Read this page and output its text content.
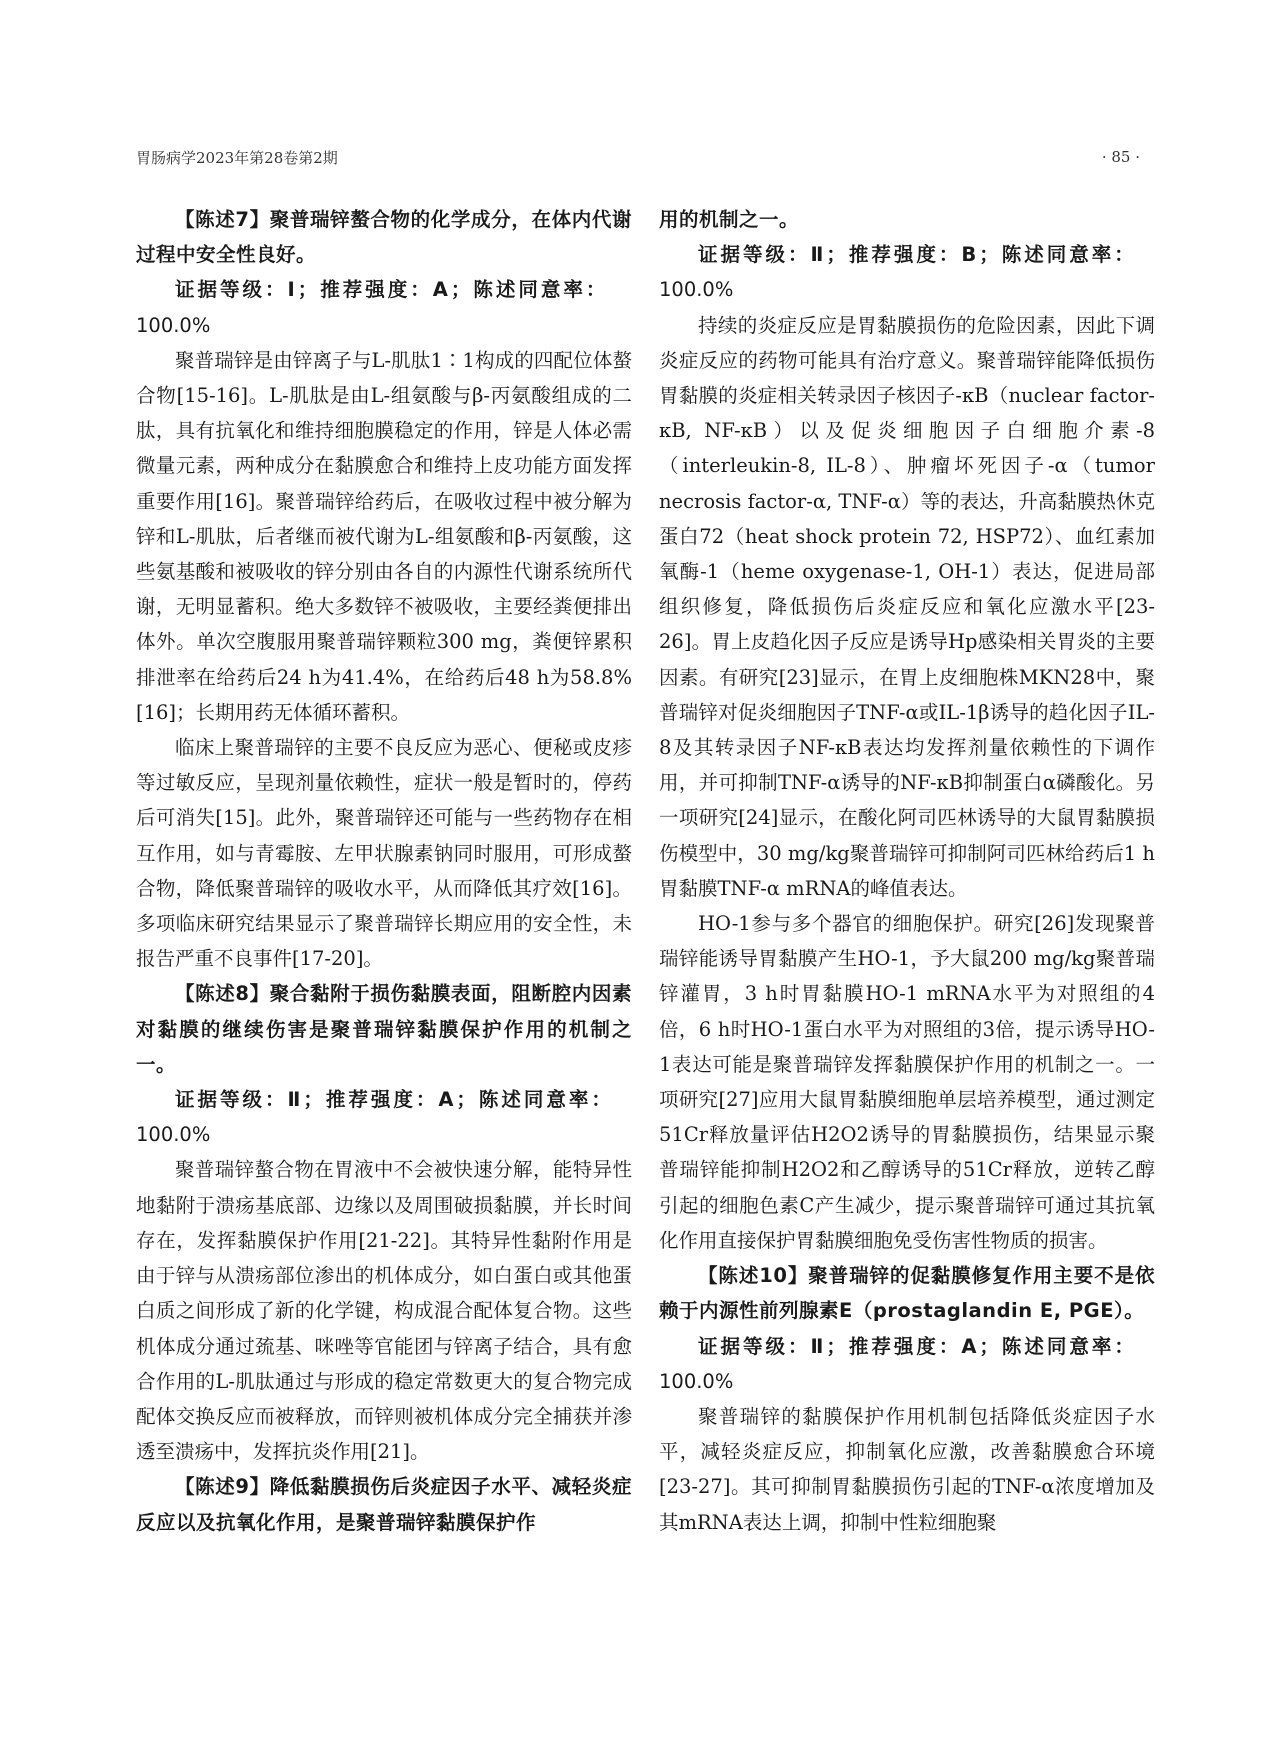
胃肠病学2023年第28卷第2期	· 85 ·

【陈述7】聚普瑞锌螯合物的化学成分，在体内代谢过程中安全性良好。

证据等级：Ⅰ；推荐强度：A；陈述同意率：
100.0%

聚普瑞锌是由锌离子与L-肌肽1∶1构成的四配位体螯合物[15-16]。L-肌肽是由L-组氨酸与β-丙氨酸组成的二肽，具有抗氧化和维持细胞膜稳定的作用，锌是人体必需微量元素，两种成分在黏膜愈合和维持上皮功能方面发挥重要作用[16]。聚普瑞锌给药后，在吸收过程中被分解为锌和L-肌肽，后者继而被代谢为L-组氨酸和β-丙氨酸，这些氨基酸和被吸收的锌分别由各自的内源性代谢系统所代谢，无明显蓄积。绝大多数锌不被吸收，主要经粪便排出体外。单次空腹服用聚普瑞锌颗粒300 mg，粪便锌累积排泄率在给药后24 h为41.4%，在给药后48 h为58.8%[16]；长期用药无体循环蓄积。

临床上聚普瑞锌的主要不良反应为恶心、便秘或皮疹等过敏反应，呈现剂量依赖性，症状一般是暂时的，停药后可消失[15]。此外，聚普瑞锌还可能与一些药物存在相互作用，如与青霉胺、左甲状腺素钠同时服用，可形成螯合物，降低聚普瑞锌的吸收水平，从而降低其疗效[16]。多项临床研究结果显示了聚普瑞锌长期应用的安全性，未报告严重不良事件[17-20]。

【陈述8】聚合黏附于损伤黏膜表面，阻断腔内因素对黏膜的继续伤害是聚普瑞锌黏膜保护作用的机制之一。

证据等级：Ⅱ；推荐强度：A；陈述同意率：
100.0%

聚普瑞锌螯合物在胃液中不会被快速分解，能特异性地黏附于溃疡基底部、边缘以及周围破损黏膜，并长时间存在，发挥黏膜保护作用[21-22]。其特异性黏附作用是由于锌与从溃疡部位渗出的机体成分，如白蛋白或其他蛋白质之间形成了新的化学键，构成混合配体复合物。这些机体成分通过巯基、咪唑等官能团与锌离子结合，具有愈合作用的L-肌肽通过与形成的稳定常数更大的复合物完成配体交换反应而被释放，而锌则被机体成分完全捕获并渗透至溃疡中，发挥抗炎作用[21]。

【陈述9】降低黏膜损伤后炎症因子水平、减轻炎症反应以及抗氧化作用，是聚普瑞锌黏膜保护作

用的机制之一。

证据等级：Ⅱ；推荐强度：B；陈述同意率：
100.0%

持续的炎症反应是胃黏膜损伤的危险因素，因此下调炎症反应的药物可能具有治疗意义。聚普瑞锌能降低损伤胃黏膜的炎症相关转录因子核因子-κB（nuclear factor-κB, NF-κB）以及促炎细胞因子白细胞介素-8（interleukin-8, IL-8）、肿瘤坏死因子-α（tumor necrosis factor-α, TNF-α）等的表达，升高黏膜热休克蛋白72（heat shock protein 72, HSP72）、血红素加氧酶-1（heme oxygenase-1, OH-1）表达，促进局部组织修复，降低损伤后炎症反应和氧化应激水平[23-26]。胃上皮趋化因子反应是诱导Hp感染相关胃炎的主要因素。有研究[23]显示，在胃上皮细胞株MKN28中，聚普瑞锌对促炎细胞因子TNF-α或IL-1β诱导的趋化因子IL-8及其转录因子NF-κB表达均发挥剂量依赖性的下调作用，并可抑制TNF-α诱导的NF-κB抑制蛋白α磷酸化。另一项研究[24]显示，在酸化阿司匹林诱导的大鼠胃黏膜损伤模型中，30 mg/kg聚普瑞锌可抑制阿司匹林给药后1 h胃黏膜TNF-α mRNA的峰值表达。

HO-1参与多个器官的细胞保护。研究[26]发现聚普瑞锌能诱导胃黏膜产生HO-1，予大鼠200 mg/kg聚普瑞锌灌胃，3 h时胃黏膜HO-1 mRNA水平为对照组的4倍，6 h时HO-1蛋白水平为对照组的3倍，提示诱导HO-1表达可能是聚普瑞锌发挥黏膜保护作用的机制之一。一项研究[27]应用大鼠胃黏膜细胞单层培养模型，通过测定51Cr释放量评估H2O2诱导的胃黏膜损伤，结果显示聚普瑞锌能抑制H2O2和乙醇诱导的51Cr释放，逆转乙醇引起的细胞色素C产生减少，提示聚普瑞锌可通过其抗氧化作用直接保护胃黏膜细胞免受伤害性物质的损害。

【陈述10】聚普瑞锌的促黏膜修复作用主要不是依赖于内源性前列腺素E（prostaglandin E, PGE）。

证据等级：Ⅱ；推荐强度：A；陈述同意率：
100.0%

聚普瑞锌的黏膜保护作用机制包括降低炎症因子水平，减轻炎症反应，抑制氧化应激，改善黏膜愈合环境[23-27]。其可抑制胃黏膜损伤引起的TNF-α浓度增加及其mRNA表达上调，抑制中性粒细胞聚
